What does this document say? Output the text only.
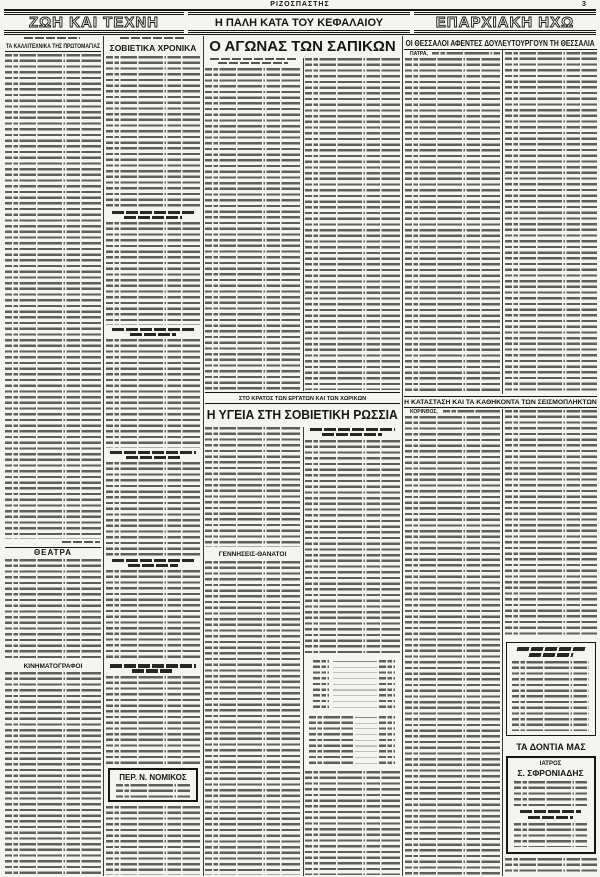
ΡΙΖΟΣΠΑΣΤΗΣ	3
ΖΩΗ ΚΑΙ ΤΕΧΝΗ	Η ΠΑΛΗ ΚΑΤΑ ΤΟΥ ΚΕΦΑΛΑΙΟΥ	ΕΠΑΡΧΙΑΚΗ ΗΧΩ
ΤΑ ΚΑΛΛΙΤΕΧΝΙΚΑ ΤΗΣ ΠΡΩΤΟΜΑΓΙΑΣ
ΘΕΑΤΡΑ
ΚΙΝΗΜΑΤΟΓΡΑΦΟΙ
ΣΟΒΙΕΤΙΚΑ ΧΡΟΝΙΚΑ
ΠΕΡ. Ν. ΝΟΜΙΚΟΣ
Ο ΑΓΩΝΑΣ ΤΩΝ ΣΑΠΙΚΩΝ
ΣΤΟ ΚΡΑΤΟΣ ΤΩΝ ΕΡΓΑΤΩΝ ΚΑΙ ΤΩΝ ΧΩΡΙΚΩΝ
Η ΥΓΕΙΑ ΣΤΗ ΣΟΒΙΕΤΙΚΗ ΡΩΣΣΙΑ
ΓΕΝΝΗΣΕΙΣ-ΘΑΝΑΤΟΙ
ΟΙ ΘΕΣΣΑΛΟΙ ΑΦΕΝΤΕΣ ΔΟΥΛΕΥΤΟΥΡΓΟΥΝ ΤΗ ΘΕΣΣΑΛΙΑ
ΠΑΤΡΑ,
Η ΚΑΤΑΣΤΑΣΗ ΚΑΙ ΤΑ ΚΑΘΗΚΟΝΤΑ ΤΩΝ ΣΕΙΣΜΟΠΛΗΚΤΩΝ
ΚΟΡΙΝΘΟΣ,
ΤΑ ΔΟΝΤΙΑ ΜΑΣ
ΙΑΤΡΟΣ
Σ. ΣΦΡΟΝΙΑΔΗΣ
